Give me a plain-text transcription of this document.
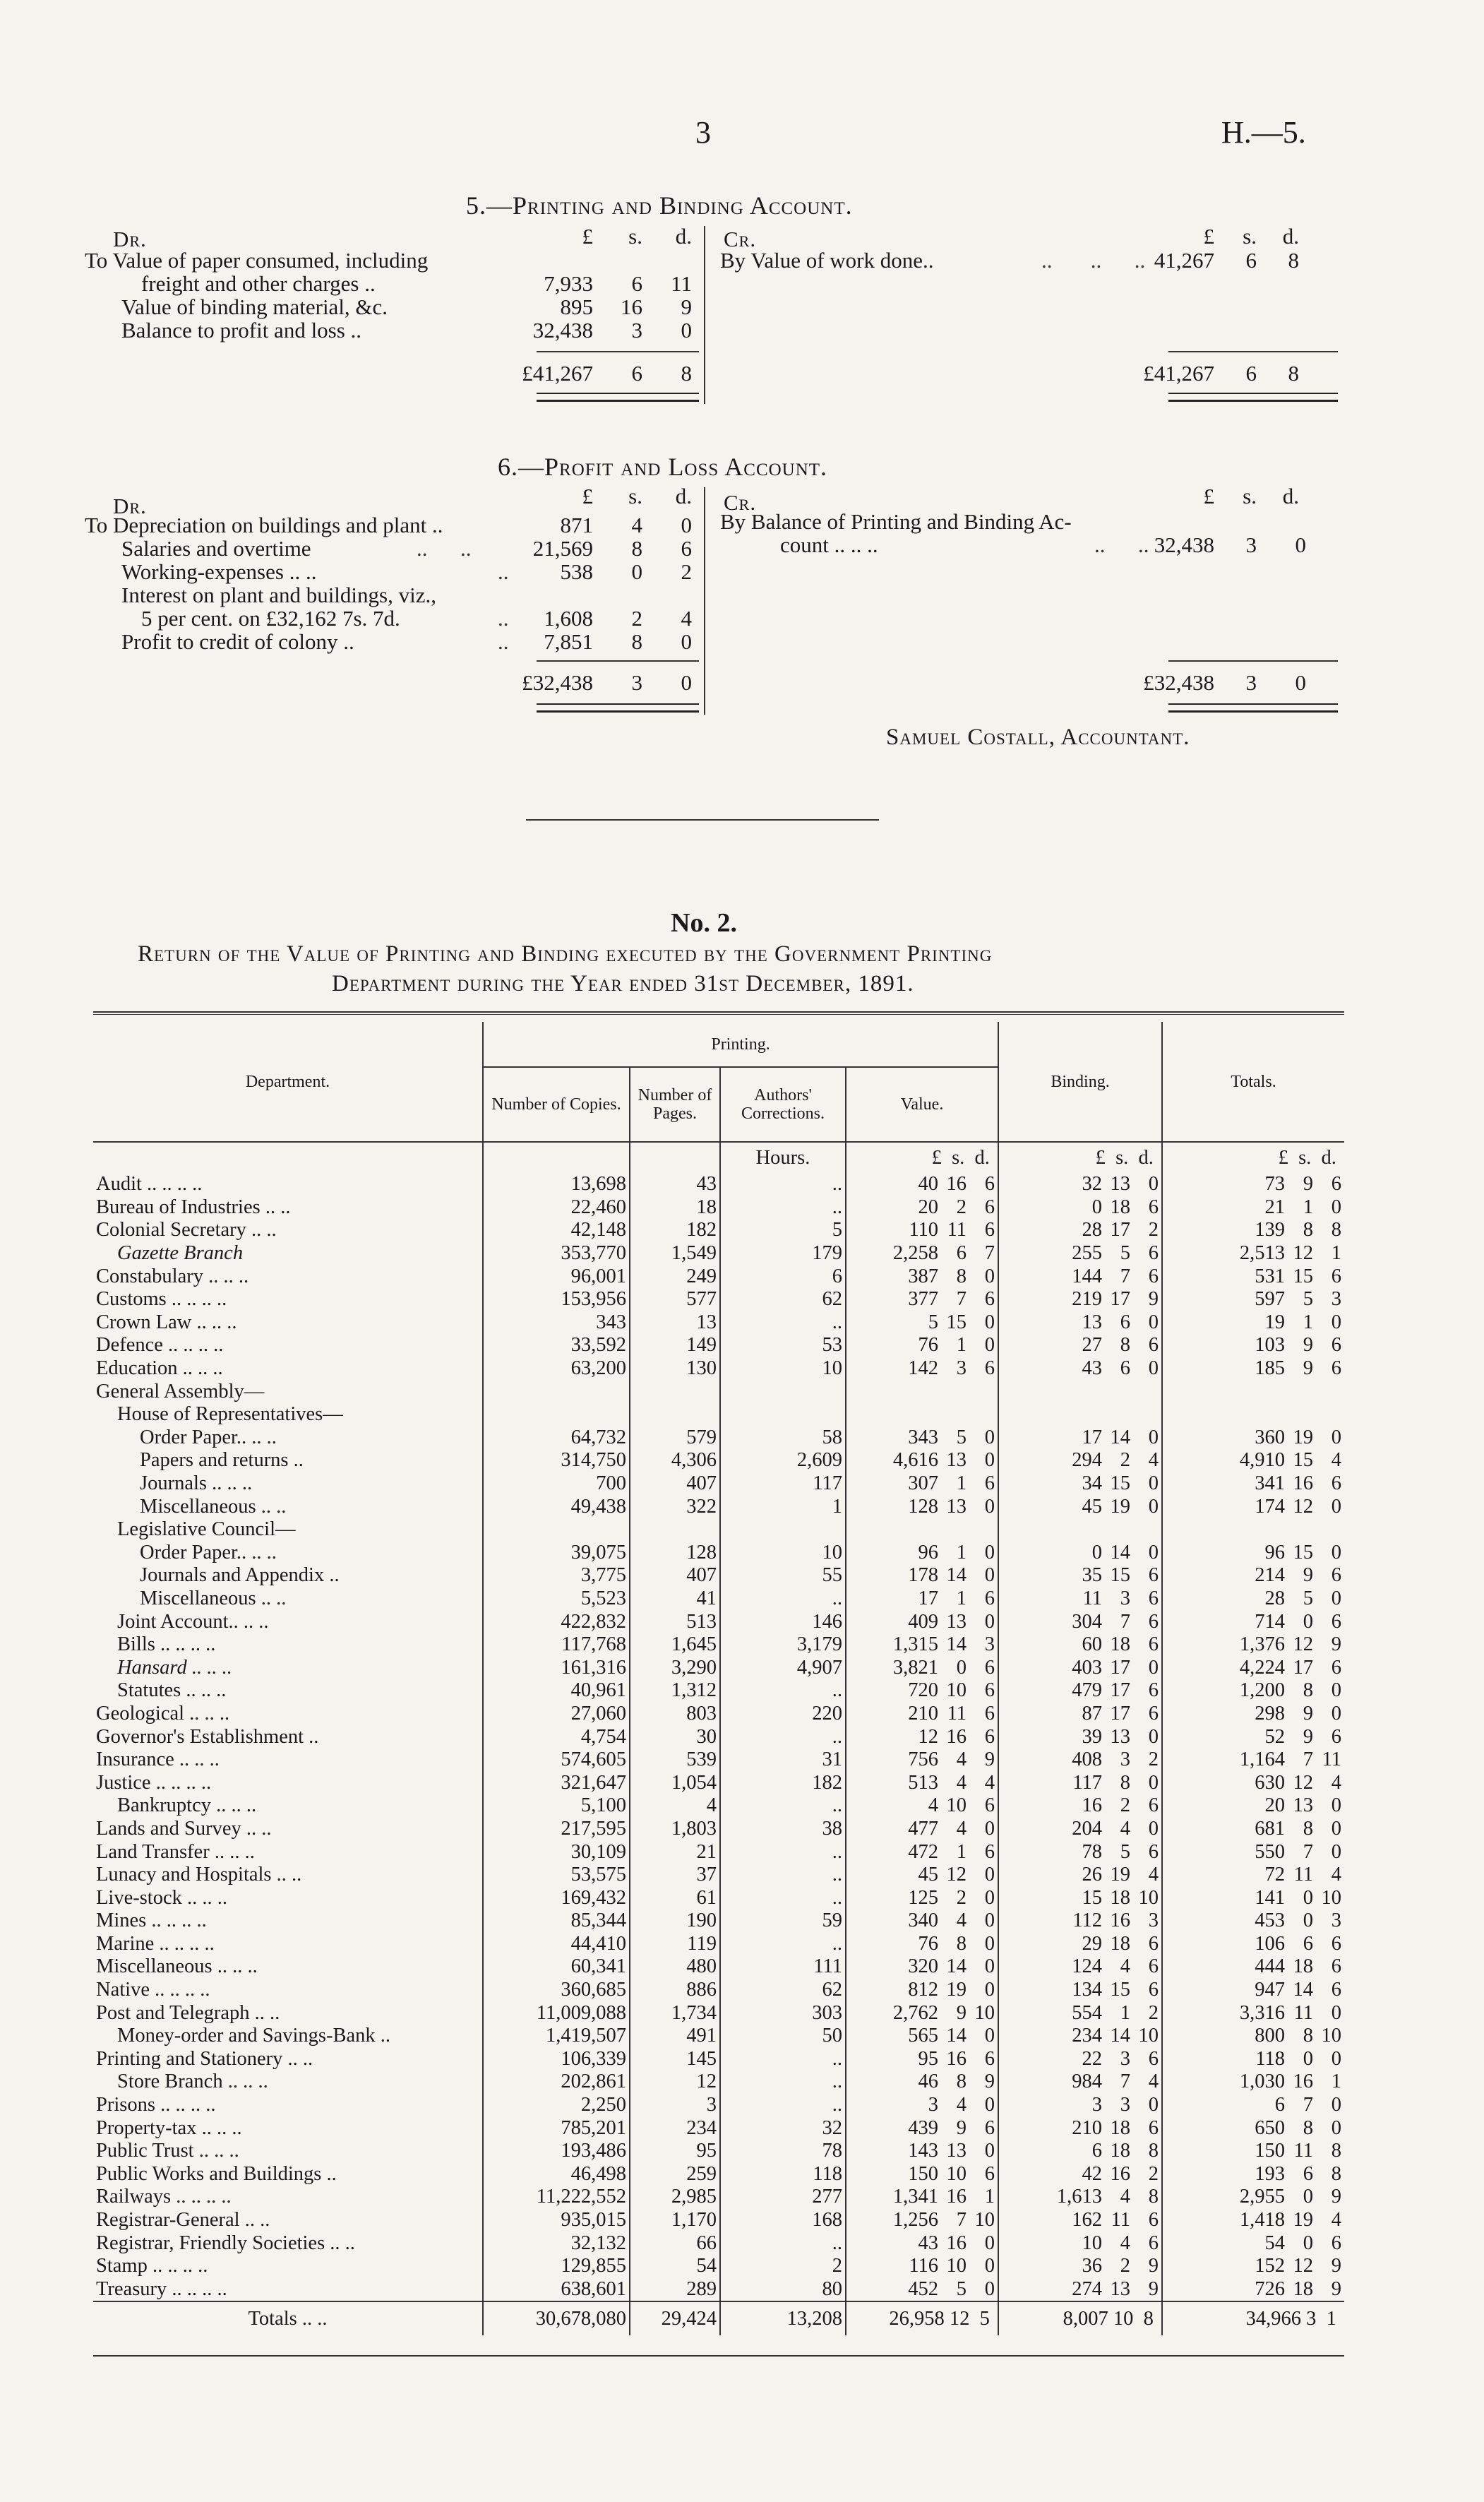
3	H.—5.
5.—Printing and Binding Account.
Dr.	£	s.	d.
To Value of paper consumed, including
freight and other charges ..	7,933	6	11
Value of binding material, &c.	895	16	9
Balance to profit and loss ..	32,438	3	0
£41,267	6	8
Cr.	£	s.	d.
By Value of work done..	..       ..      .. 41,267	6	8
£41,267	6	8
6.—Profit and Loss Account.
Dr.	£	s.	d.
To Depreciation on buildings and plant ..	871	4	0
Salaries and overtime	..      ..	21,569	8	6
Working-expenses .. ..	..	538	0	2
Interest on plant and buildings, viz.,
5 per cent. on £32,162 7s. 7d.	..	1,608	2	4
Profit to credit of colony ..	..	7,851	8	0
£32,438	3	0
Cr.	£	s.	d.
By Balance of Printing and Binding Ac-
count .. .. ..	..      .. 32,438	3	0
£32,438	3	0
Samuel Costall, Accountant.
No. 2.
Return of the Value of Printing and Binding executed by the Government Printing
Department during the Year ended 31st December, 1891.
Department.	Printing.				Binding.	Totals.
	Number of Copies.	Number of Pages.	Authors' Corrections.	Value.		
			Hours.	£ s. d.	£ s. d.	£ s. d.
Audit .. .. .. ..	13,698	43	..	40 16 6	32 13 0	73 9 6
Bureau of Industries .. ..	22,460	18	..	20 2 6	0 18 6	21 1 0
Colonial Secretary .. ..	42,148	182	5	110 11 6	28 17 2	139 8 8
Gazette Branch	353,770	1,549	179	2,258 6 7	255 5 6	2,513 12 1
Constabulary .. .. ..	96,001	249	6	387 8 0	144 7 6	531 15 6
Customs .. .. .. ..	153,956	577	62	377 7 6	219 17 9	597 5 3
Crown Law .. .. ..	343	13	..	5 15 0	13 6 0	19 1 0
Defence .. .. .. ..	33,592	149	53	76 1 0	27 8 6	103 9 6
Education .. .. ..	63,200	130	10	142 3 6	43 6 0	185 9 6
General Assembly—						
House of Representatives—						
Order Paper.. .. ..	64,732	579	58	343 5 0	17 14 0	360 19 0
Papers and returns ..	314,750	4,306	2,609	4,616 13 0	294 2 4	4,910 15 4
Journals .. .. ..	700	407	117	307 1 6	34 15 0	341 16 6
Miscellaneous .. ..	49,438	322	1	128 13 0	45 19 0	174 12 0
Legislative Council—						
Order Paper.. .. ..	39,075	128	10	96 1 0	0 14 0	96 15 0
Journals and Appendix ..	3,775	407	55	178 14 0	35 15 6	214 9 6
Miscellaneous .. ..	5,523	41	..	17 1 6	11 3 6	28 5 0
Joint Account.. .. ..	422,832	513	146	409 13 0	304 7 6	714 0 6
Bills .. .. .. ..	117,768	1,645	3,179	1,315 14 3	60 18 6	1,376 12 9
Hansard .. .. ..	161,316	3,290	4,907	3,821 0 6	403 17 0	4,224 17 6
Statutes .. .. ..	40,961	1,312	..	720 10 6	479 17 6	1,200 8 0
Geological .. .. ..	27,060	803	220	210 11 6	87 17 6	298 9 0
Governor's Establishment ..	4,754	30	..	12 16 6	39 13 0	52 9 6
Insurance .. .. ..	574,605	539	31	756 4 9	408 3 2	1,164 7 11
Justice .. .. .. ..	321,647	1,054	182	513 4 4	117 8 0	630 12 4
Bankruptcy .. .. ..	5,100	4	..	4 10 6	16 2 6	20 13 0
Lands and Survey .. ..	217,595	1,803	38	477 4 0	204 4 0	681 8 0
Land Transfer .. .. ..	30,109	21	..	472 1 6	78 5 6	550 7 0
Lunacy and Hospitals .. ..	53,575	37	..	45 12 0	26 19 4	72 11 4
Live-stock .. .. ..	169,432	61	..	125 2 0	15 18 10	141 0 10
Mines .. .. .. ..	85,344	190	59	340 4 0	112 16 3	453 0 3
Marine .. .. .. ..	44,410	119	..	76 8 0	29 18 6	106 6 6
Miscellaneous .. .. ..	60,341	480	111	320 14 0	124 4 6	444 18 6
Native .. .. .. ..	360,685	886	62	812 19 0	134 15 6	947 14 6
Post and Telegraph .. ..	11,009,088	1,734	303	2,762 9 10	554 1 2	3,316 11 0
Money-order and Savings-Bank ..	1,419,507	491	50	565 14 0	234 14 10	800 8 10
Printing and Stationery .. ..	106,339	145	..	95 16 6	22 3 6	118 0 0
Store Branch .. .. ..	202,861	12	..	46 8 9	984 7 4	1,030 16 1
Prisons .. .. .. ..	2,250	3	..	3 4 0	3 3 0	6 7 0
Property-tax .. .. ..	785,201	234	32	439 9 6	210 18 6	650 8 0
Public Trust .. .. ..	193,486	95	78	143 13 0	6 18 8	150 11 8
Public Works and Buildings ..	46,498	259	118	150 10 6	42 16 2	193 6 8
Railways .. .. .. ..	11,222,552	2,985	277	1,341 16 1	1,613 4 8	2,955 0 9
Registrar-General .. ..	935,015	1,170	168	1,256 7 10	162 11 6	1,418 19 4
Registrar, Friendly Societies .. ..	32,132	66	..	43 16 0	10 4 6	54 0 6
Stamp .. .. .. ..	129,855	54	2	116 10 0	36 2 9	152 12 9
Treasury .. .. .. ..	638,601	289	80	452 5 0	274 13 9	726 18 9
Totals .. ..	30,678,080	29,424	13,208	26,958 12 5	8,007 10 8	34,966 3 1
